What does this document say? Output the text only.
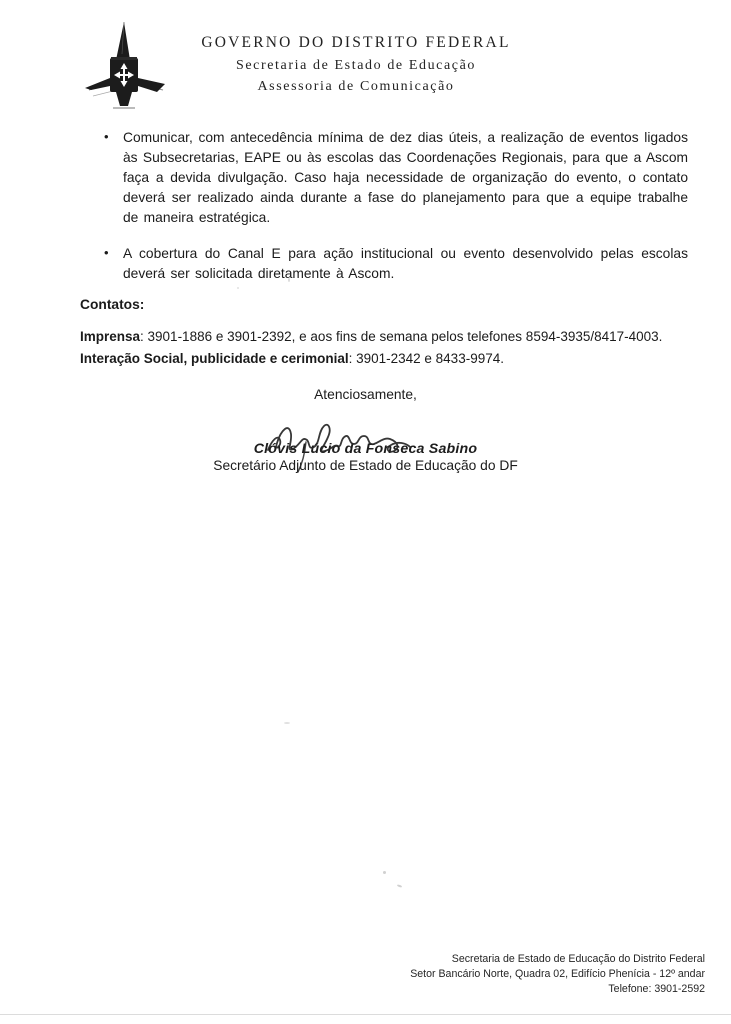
GOVERNO DO DISTRITO FEDERAL
Secretaria de Estado de Educação
Assessoria de Comunicação
• Comunicar, com antecedência mínima de dez dias úteis, a realização de eventos ligados às Subsecretarias, EAPE ou às escolas das Coordenações Regionais, para que a Ascom faça a devida divulgação. Caso haja necessidade de organização do evento, o contato deverá ser realizado ainda durante a fase do planejamento para que a equipe trabalhe de maneira estratégica.
• A cobertura do Canal E para ação institucional ou evento desenvolvido pelas escolas deverá ser solicitada diretamente à Ascom.
Contatos:
Imprensa: 3901-1886 e 3901-2392, e aos fins de semana pelos telefones 8594-3935/8417-4003.
Interação Social, publicidade e cerimonial: 3901-2342 e 8433-9974.
Atenciosamente,
Clóvis Lúcio da Fonseca Sabino
Secretário Adjunto de Estado de Educação do DF
Secretaria de Estado de Educação do Distrito Federal
Setor Bancário Norte, Quadra 02, Edifício Phenícia - 12º andar
Telefone: 3901-2592
